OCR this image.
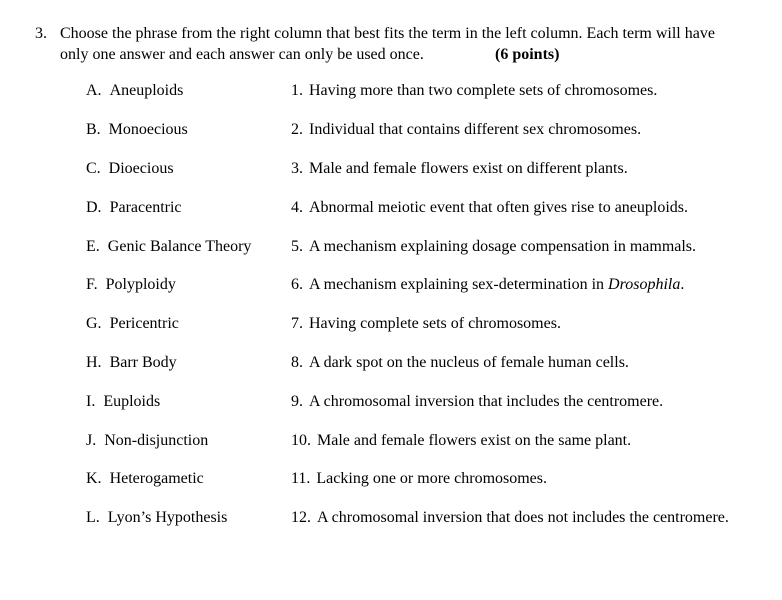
3. Choose the phrase from the right column that best fits the term in the left column. Each term will have
only one answer and each answer can only be used once.	(6 points)
A. Aneuploids	1. Having more than two complete sets of chromosomes.
B. Monoecious	2. Individual that contains different sex chromosomes.
C. Dioecious	3. Male and female flowers exist on different plants.
D. Paracentric	4. Abnormal meiotic event that often gives rise to aneuploids.
E. Genic Balance Theory 5. A mechanism explaining dosage compensation in mammals.
F. Polyploidy	6. A mechanism explaining sex-determination in Drosophila.
G. Pericentric	7. Having complete sets of chromosomes.
H. Barr Body	8. A dark spot on the nucleus of female human cells.
I. Euploids	9. A chromosomal inversion that includes the centromere.
J. Non-disjunction	10. Male and female flowers exist on the same plant.
K. Heterogametic	11. Lacking one or more chromosomes.
L. Lyon’s Hypothesis	12. A chromosomal inversion that does not includes the centromere.
